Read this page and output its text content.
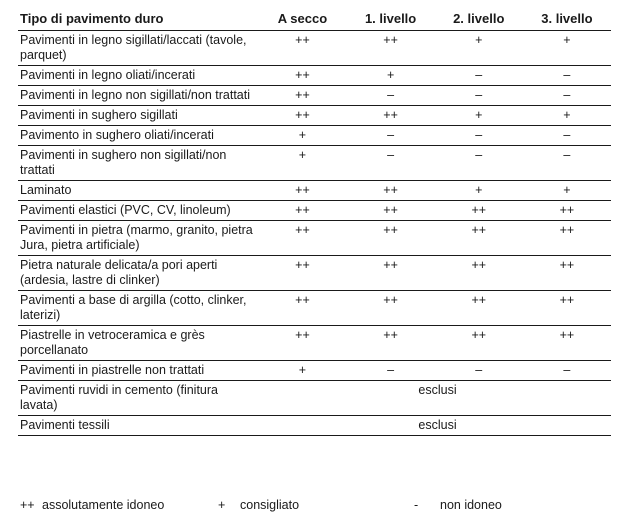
Tipo di pavimento duro	A secco	1. livello	2. livello	3. livello
Pavimenti in legno sigillati/laccati (tavole, parquet)	++	++	+	+
Pavimenti in legno oliati/incerati	++	+	–	–
Pavimenti in legno non sigillati/non trattati	++	–	–	–
Pavimenti in sughero sigillati	++	++	+	+
Pavimento in sughero oliati/incerati	+	–	–	–
Pavimenti in sughero non sigillati/non trattati	+	–	–	–
Laminato	++	++	+	+
Pavimenti elastici (PVC, CV, linoleum)	++	++	++	++
Pavimenti in pietra (marmo, granito, pietra Jura, pietra artificiale)	++	++	++	++
Pietra naturale delicata/a pori aperti (ardesia, lastre di clinker)	++	++	++	++
Pavimenti a base di argilla (cotto, clinker, laterizi)	++	++	++	++
Piastrelle in vetroceramica e grès porcellanato	++	++	++	++
Pavimenti in piastrelle non trattati	+	–	–	–
Pavimenti ruvidi in cemento (finitura lavata)	esclusi			
Pavimenti tessili	esclusi			
++ assolutamente idoneo	+ consigliato	- non idoneo
